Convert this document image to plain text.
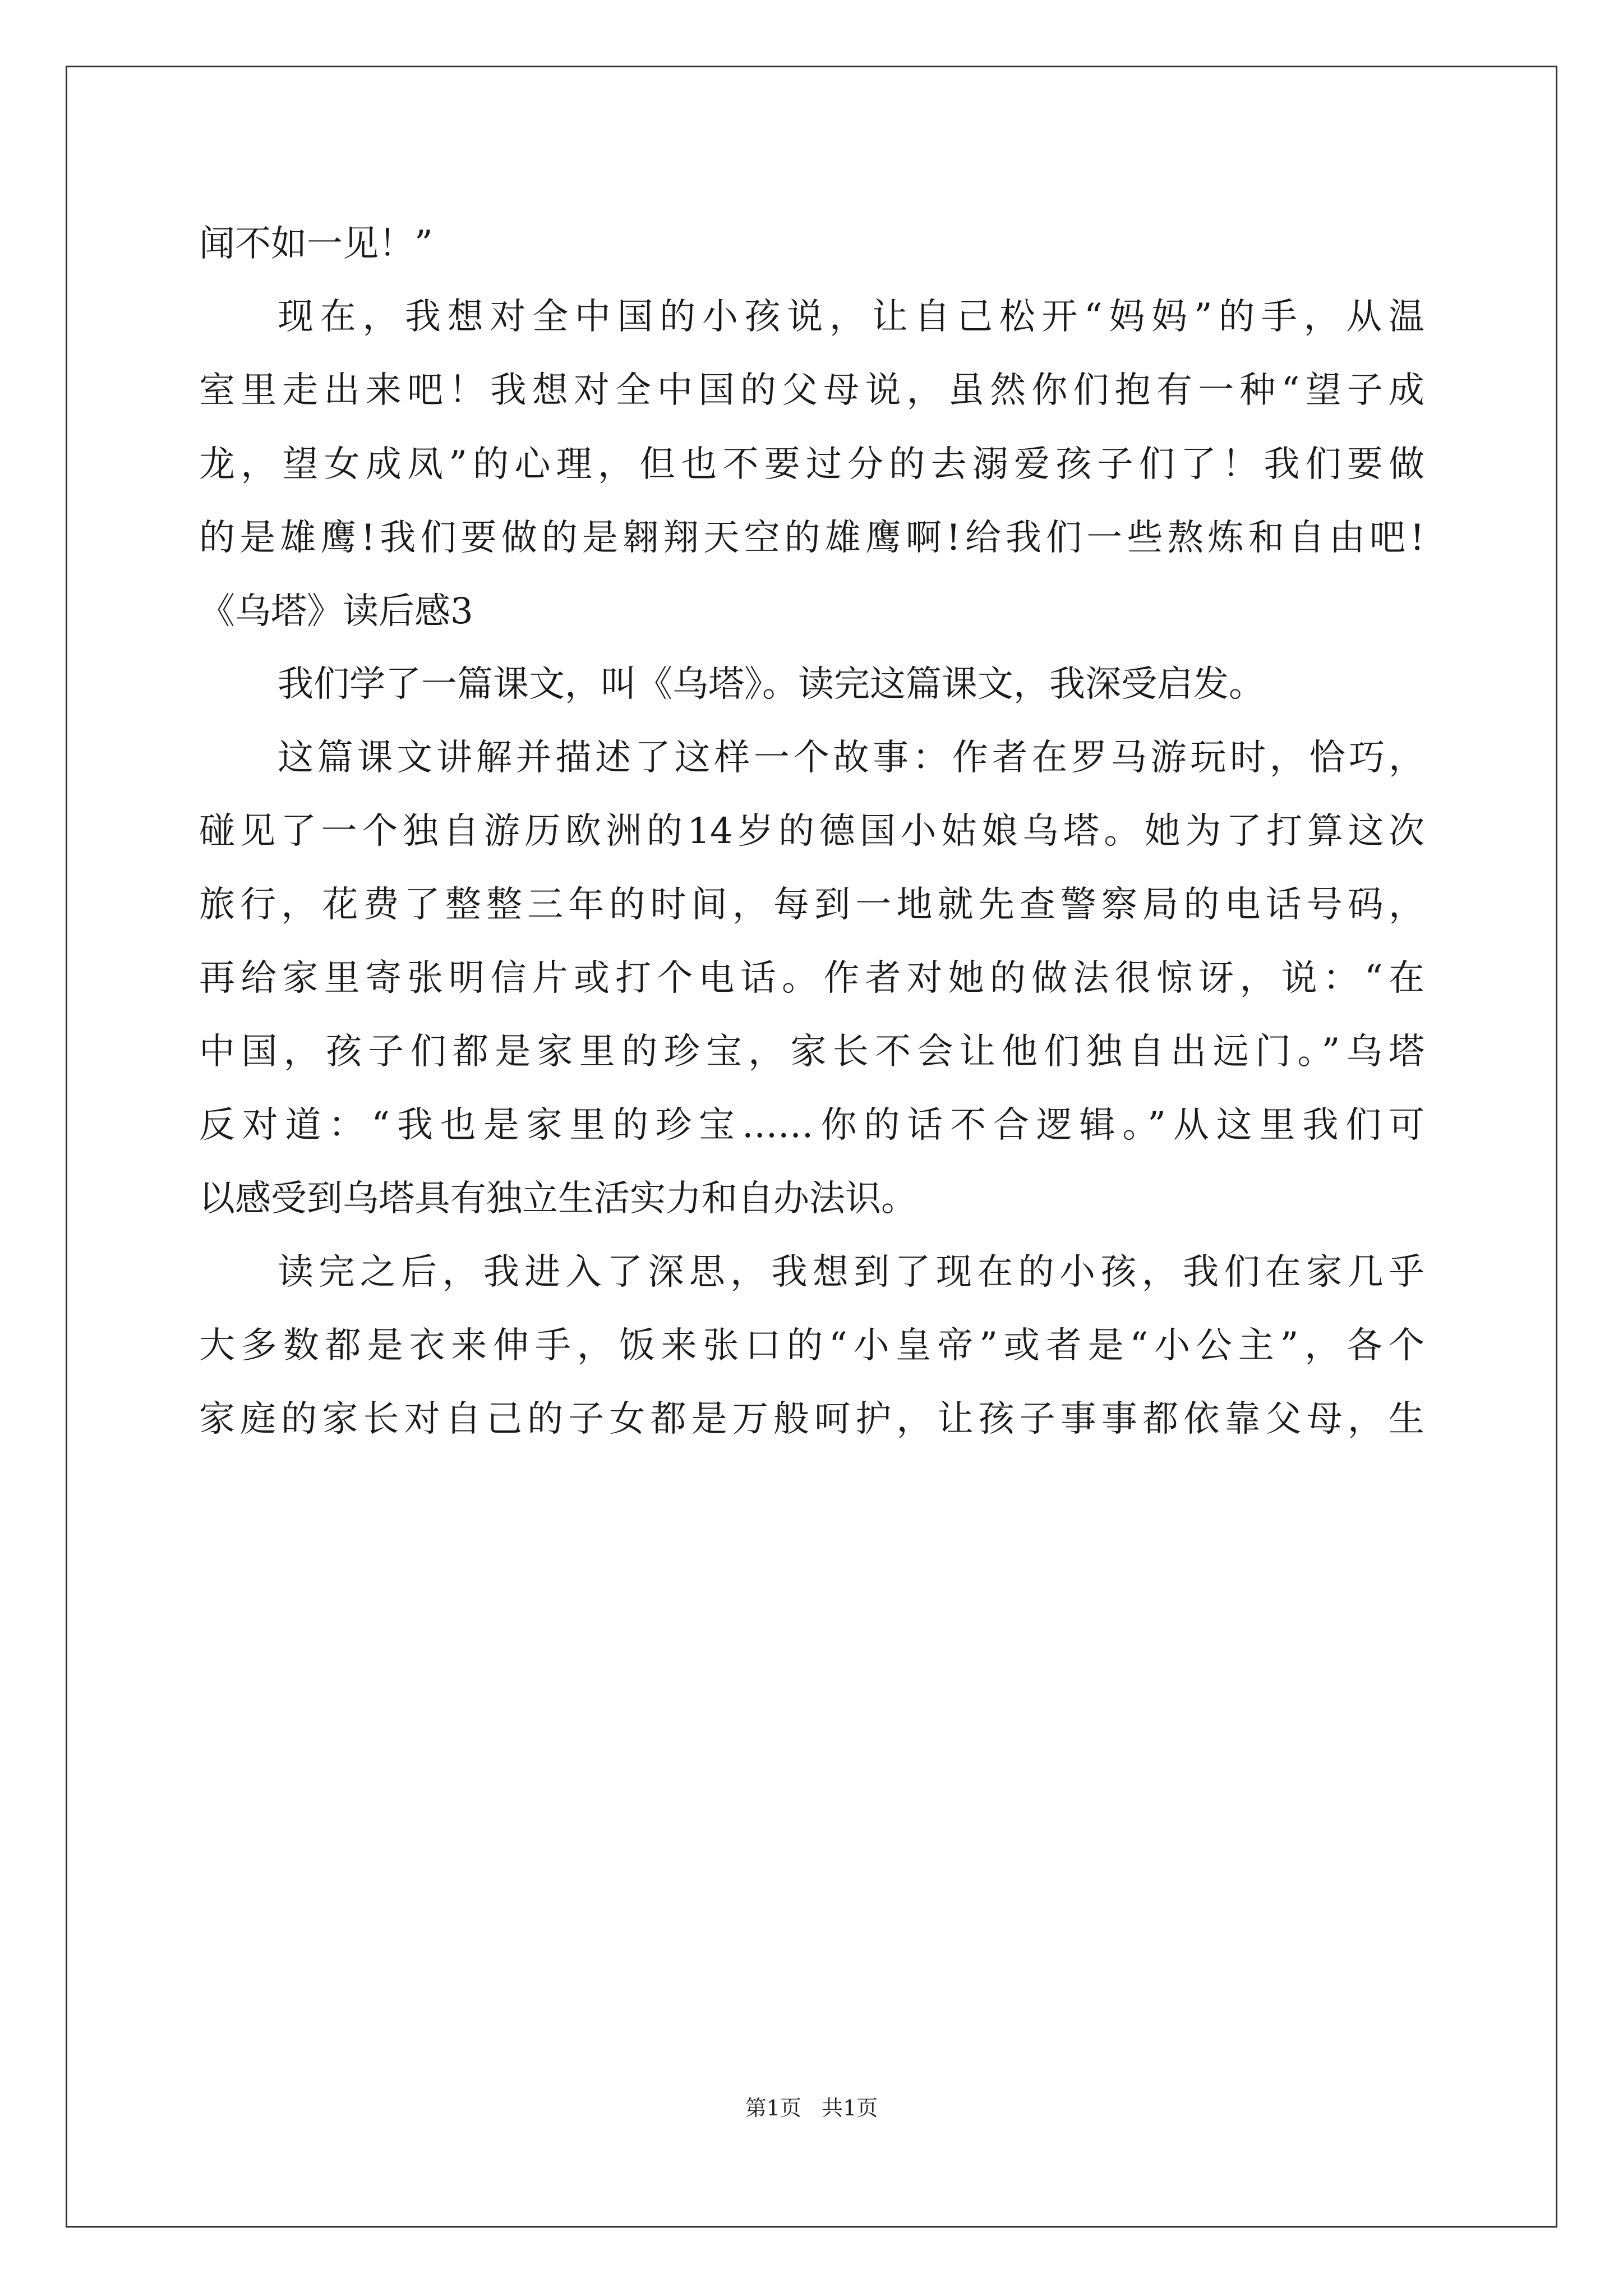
闻不如一见！”
现在，我想对全中国的小孩说，让自己松开“妈妈”的手，从温
室里走出来吧！我想对全中国的父母说，虽然你们抱有一种“望子成
龙，望女成凤”的心理，但也不要过分的去溺爱孩子们了！我们要做
的是雄鹰!我们要做的是翱翔天空的雄鹰啊!给我们一些熬炼和自由吧!
《乌塔》读后感3
我们学了一篇课文，叫《乌塔》。读完这篇课文，我深受启发。
这篇课文讲解并描述了这样一个故事：作者在罗马游玩时，恰巧，
碰见了一个独自游历欧洲的14岁的德国小姑娘乌塔。她为了打算这次
旅行，花费了整整三年的时间，每到一地就先查警察局的电话号码，
再给家里寄张明信片或打个电话。作者对她的做法很惊讶，说：“在
中国，孩子们都是家里的珍宝，家长不会让他们独自出远门。”乌塔
反对道：“我也是家里的珍宝……你的话不合逻辑。”从这里我们可
以感受到乌塔具有独立生活实力和自办法识。
读完之后，我进入了深思，我想到了现在的小孩，我们在家几乎
大多数都是衣来伸手，饭来张口的“小皇帝”或者是“小公主”，各个
家庭的家长对自己的子女都是万般呵护，让孩子事事都依靠父母，生
第1页   共1页
